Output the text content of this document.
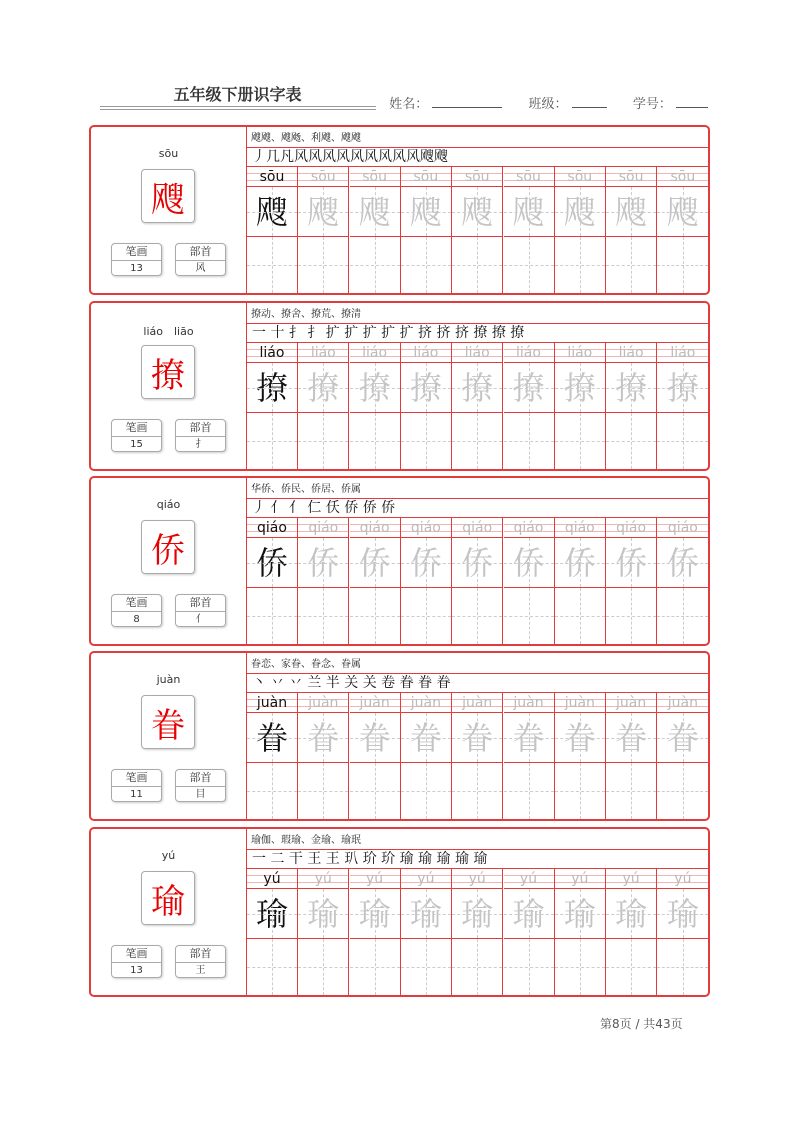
五年级下册识字表
姓名：	班级：	学号：
sōu
飕
笔画
13
部首
风
飕飕、飕飏、利飕、飕飕
丿几凡风风风风风风风风风飕飕
sōu
飕
sōu
飕
sōu
飕
sōu
飕
sōu
飕
sōu
飕
sōu
飕
sōu
飕
sōu
飕
liáo　liāo
撩
笔画
15
部首
扌
撩动、撩舍、撩荒、撩清
一 十 扌 扌 扩 扩 扩 扩 扩 挤 挤 挤 撩 撩 撩
liáo
撩
liáo
撩
liáo
撩
liáo
撩
liáo
撩
liáo
撩
liáo
撩
liáo
撩
liáo
撩
qiáo
侨
笔画
8
部首
亻
华侨、侨民、侨居、侨属
丿 亻 亻 仁 仸 侨 侨 侨
qiáo
侨
qiáo
侨
qiáo
侨
qiáo
侨
qiáo
侨
qiáo
侨
qiáo
侨
qiáo
侨
qiáo
侨
juàn
眷
笔画
11
部首
目
眷恋、家眷、眷念、眷属
丶 丷 丷 兰 半 关 关 卷 眷 眷 眷
juàn
眷
juàn
眷
juàn
眷
juàn
眷
juàn
眷
juàn
眷
juàn
眷
juàn
眷
juàn
眷
yú
瑜
笔画
13
部首
王
瑜伽、瑕瑜、金瑜、瑜珉
一 二 干 王 王 玐 玠 玠 瑜 瑜 瑜 瑜 瑜
yú
瑜
yú
瑜
yú
瑜
yú
瑜
yú
瑜
yú
瑜
yú
瑜
yú
瑜
yú
瑜
第8页 / 共43页
